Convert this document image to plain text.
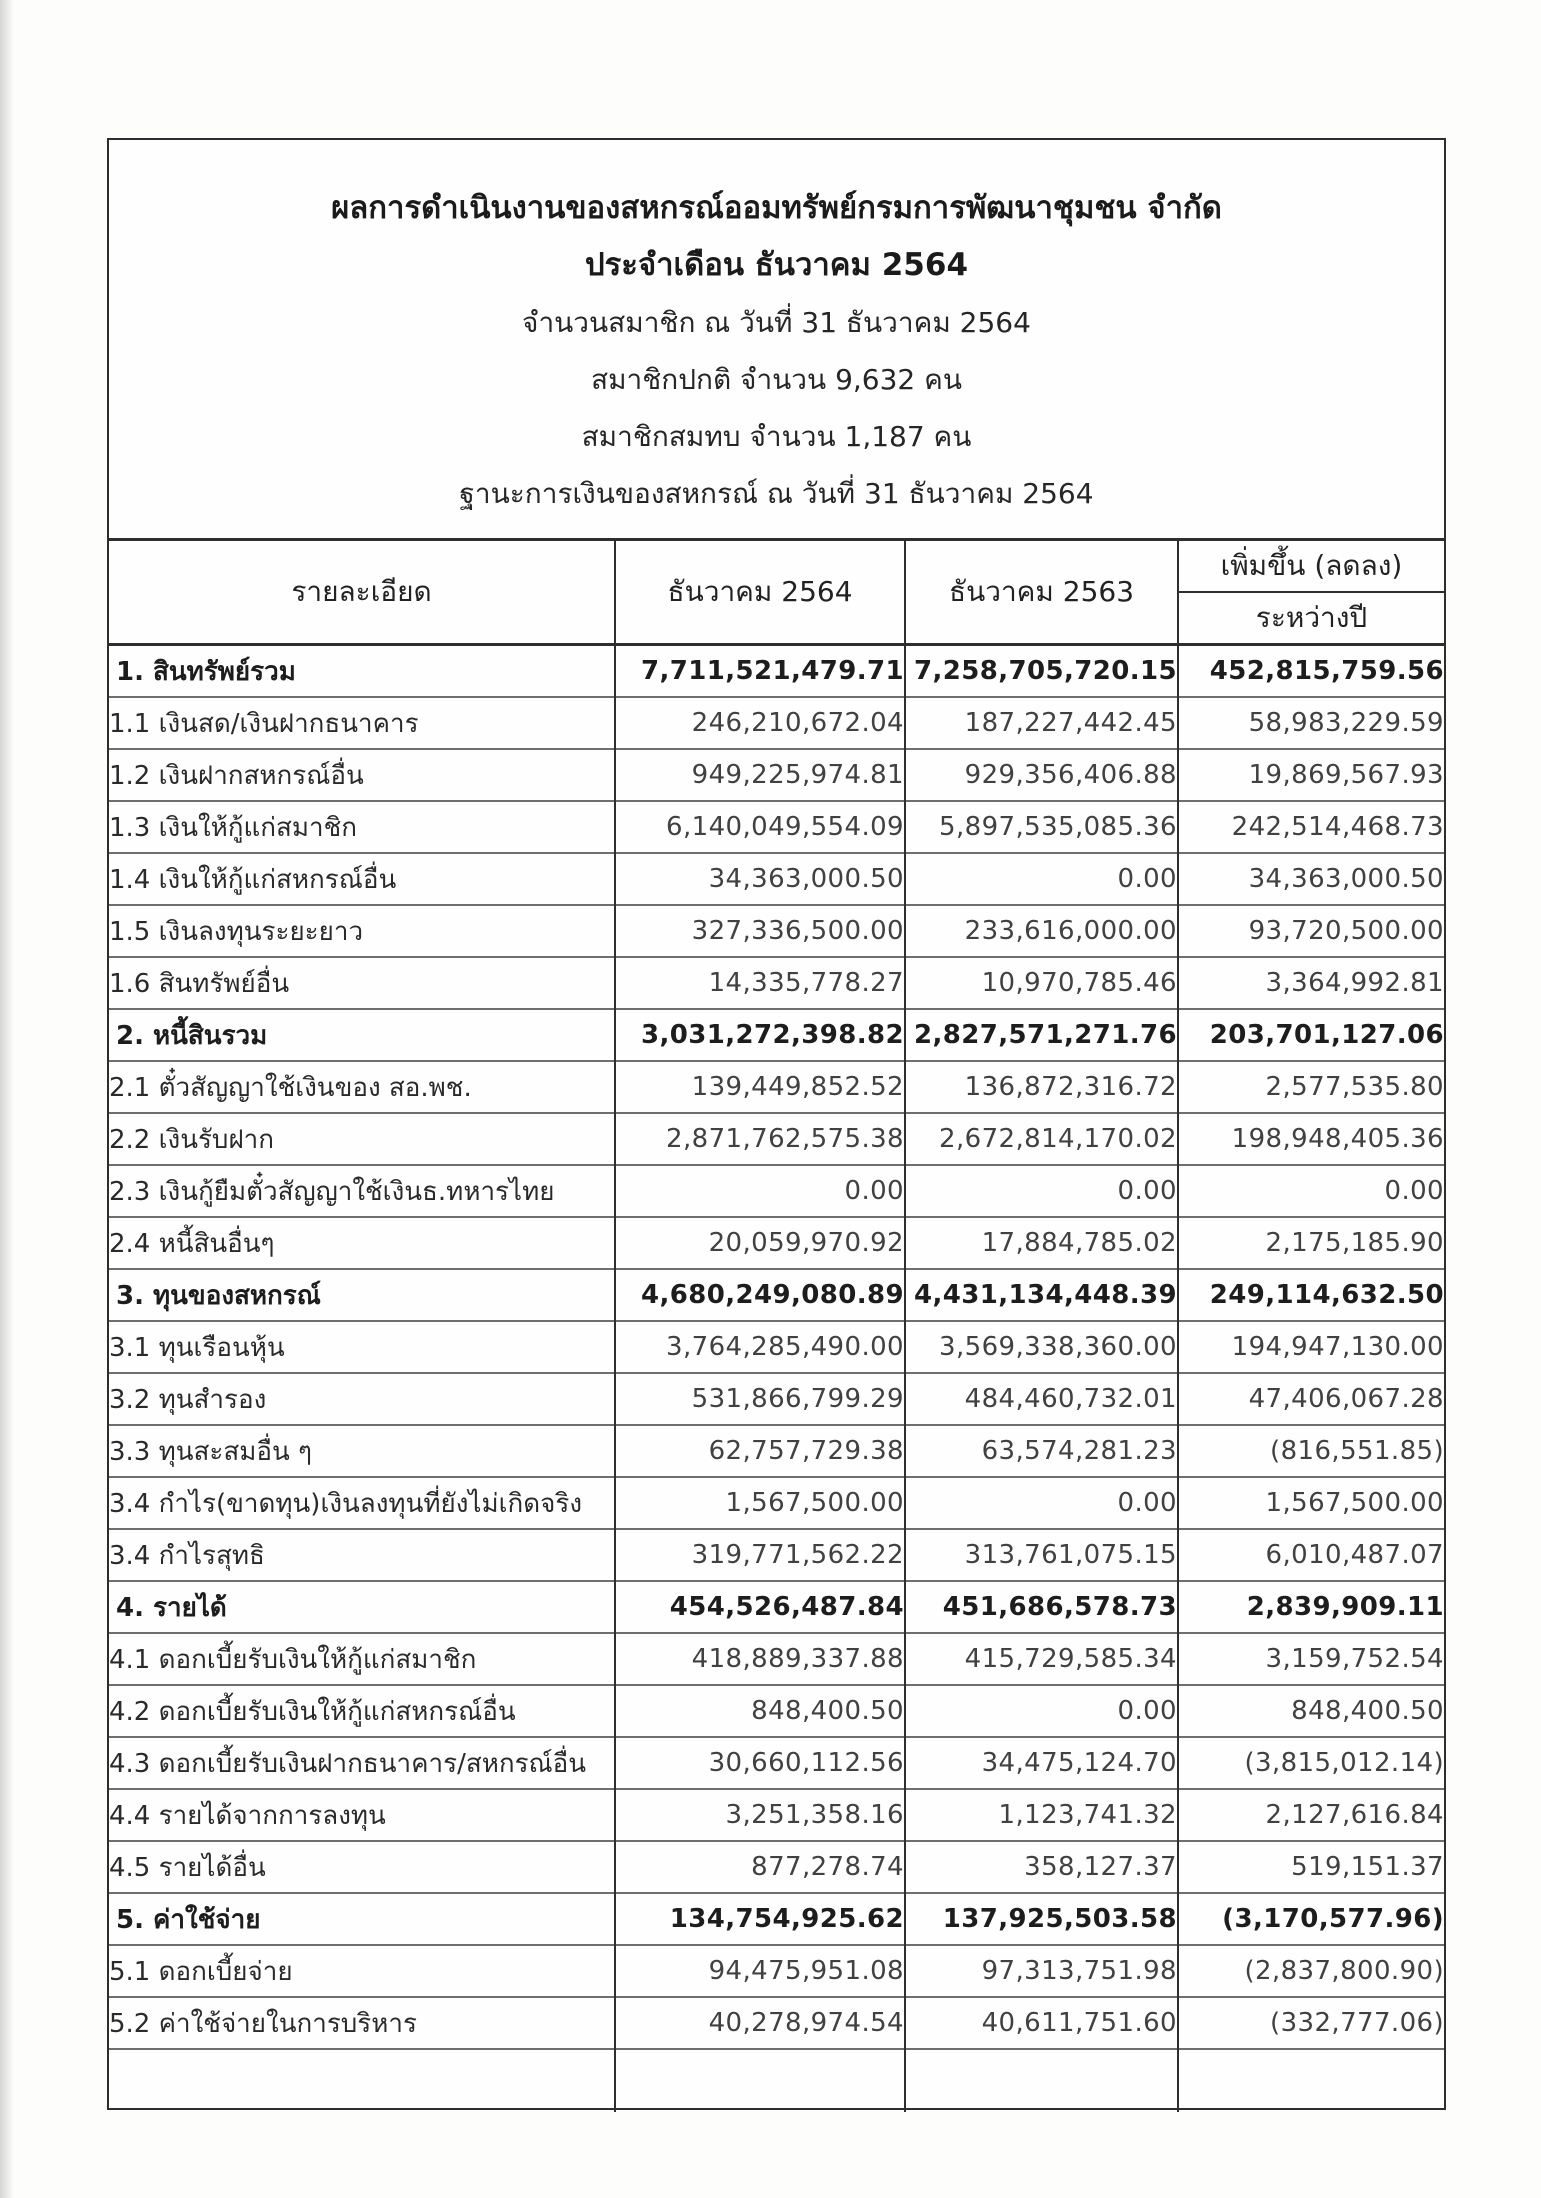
ผลการดำเนินงานของสหกรณ์ออมทรัพย์กรมการพัฒนาชุมชน จำกัด
ประจำเดือน ธันวาคม 2564
จำนวนสมาชิก ณ วันที่ 31 ธันวาคม 2564
สมาชิกปกติ จำนวน 9,632 คน
สมาชิกสมทบ จำนวน 1,187 คน
ฐานะการเงินของสหกรณ์ ณ วันที่ 31 ธันวาคม 2564
รายละเอียด	ธันวาคม 2564	ธันวาคม 2563	เพิ่มขึ้น (ลดลง)
ระหว่างปี

1. สินทรัพย์รวม	7,711,521,479.71	7,258,705,720.15	452,815,759.56
1.1 เงินสด/เงินฝากธนาคาร	246,210,672.04	187,227,442.45	58,983,229.59
1.2 เงินฝากสหกรณ์อื่น	949,225,974.81	929,356,406.88	19,869,567.93
1.3 เงินให้กู้แก่สมาชิก	6,140,049,554.09	5,897,535,085.36	242,514,468.73
1.4 เงินให้กู้แก่สหกรณ์อื่น	34,363,000.50	0.00	34,363,000.50
1.5 เงินลงทุนระยะยาว	327,336,500.00	233,616,000.00	93,720,500.00
1.6 สินทรัพย์อื่น	14,335,778.27	10,970,785.46	3,364,992.81
2. หนี้สินรวม	3,031,272,398.82	2,827,571,271.76	203,701,127.06
2.1 ตั๋วสัญญาใช้เงินของ สอ.พช.	139,449,852.52	136,872,316.72	2,577,535.80
2.2 เงินรับฝาก	2,871,762,575.38	2,672,814,170.02	198,948,405.36
2.3 เงินกู้ยืมตั๋วสัญญาใช้เงินธ.ทหารไทย	0.00	0.00	0.00
2.4 หนี้สินอื่นๆ	20,059,970.92	17,884,785.02	2,175,185.90
3. ทุนของสหกรณ์	4,680,249,080.89	4,431,134,448.39	249,114,632.50
3.1 ทุนเรือนหุ้น	3,764,285,490.00	3,569,338,360.00	194,947,130.00
3.2 ทุนสำรอง	531,866,799.29	484,460,732.01	47,406,067.28
3.3 ทุนสะสมอื่น ๆ	62,757,729.38	63,574,281.23	(816,551.85)
3.4 กำไร(ขาดทุน)เงินลงทุนที่ยังไม่เกิดจริง	1,567,500.00	0.00	1,567,500.00
3.4 กำไรสุทธิ	319,771,562.22	313,761,075.15	6,010,487.07
4. รายได้	454,526,487.84	451,686,578.73	2,839,909.11
4.1 ดอกเบี้ยรับเงินให้กู้แก่สมาชิก	418,889,337.88	415,729,585.34	3,159,752.54
4.2 ดอกเบี้ยรับเงินให้กู้แก่สหกรณ์อื่น	848,400.50	0.00	848,400.50
4.3 ดอกเบี้ยรับเงินฝากธนาคาร/สหกรณ์อื่น	30,660,112.56	34,475,124.70	(3,815,012.14)
4.4 รายได้จากการลงทุน	3,251,358.16	1,123,741.32	2,127,616.84
4.5 รายได้อื่น	877,278.74	358,127.37	519,151.37
5. ค่าใช้จ่าย	134,754,925.62	137,925,503.58	(3,170,577.96)
5.1 ดอกเบี้ยจ่าย	94,475,951.08	97,313,751.98	(2,837,800.90)
5.2 ค่าใช้จ่ายในการบริหาร	40,278,974.54	40,611,751.60	(332,777.06)
